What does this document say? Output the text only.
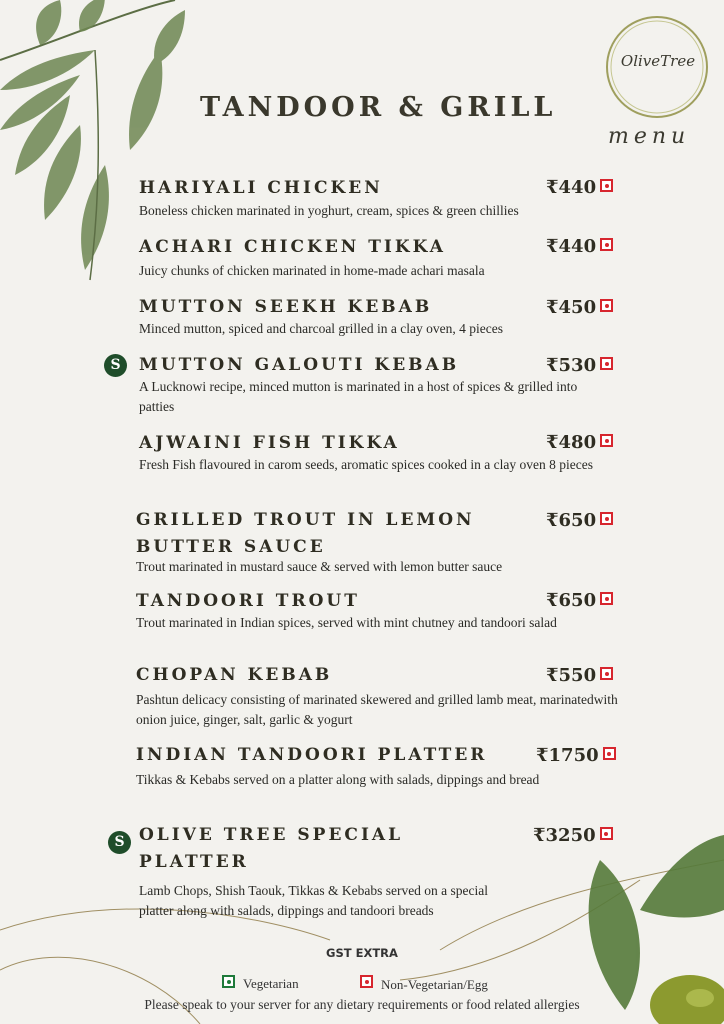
OliveTree
menu
TANDOOR & GRILL
HARIYALI CHICKEN
Boneless chicken marinated in yoghurt, cream, spices & green chillies
₹440
ACHARI CHICKEN TIKKA
Juicy chunks of chicken marinated in home-made achari masala
₹440
MUTTON SEEKH KEBAB
Minced mutton, spiced and charcoal grilled in a clay oven, 4 pieces
₹450
S	MUTTON GALOUTI KEBAB
A Lucknowi recipe, minced mutton is marinated in a host of spices & grilled into patties
₹530
AJWAINI FISH TIKKA
Fresh Fish flavoured in carom seeds, aromatic spices cooked in a clay oven 8 pieces
₹480
GRILLED TROUT IN LEMON BUTTER SAUCE
Trout marinated in mustard sauce & served with lemon butter sauce
₹650
TANDOORI TROUT
Trout marinated in Indian spices, served with mint chutney and tandoori salad
₹650
CHOPAN KEBAB
Pashtun delicacy consisting of marinated skewered and grilled lamb meat, marinatedwith onion juice, ginger, salt, garlic & yogurt
₹550
INDIAN TANDOORI PLATTER
Tikkas & Kebabs served on a platter along with salads, dippings and bread
₹1750
S OLIVE TREE SPECIAL PLATTER
Lamb Chops, Shish Taouk, Tikkas & Kebabs served on a special platter along with salads, dippings and tandoori breads
₹3250
GST EXTRA
Vegetarian	Non-Vegetarian/Egg
Please speak to your server for any dietary requirements or food related allergies
